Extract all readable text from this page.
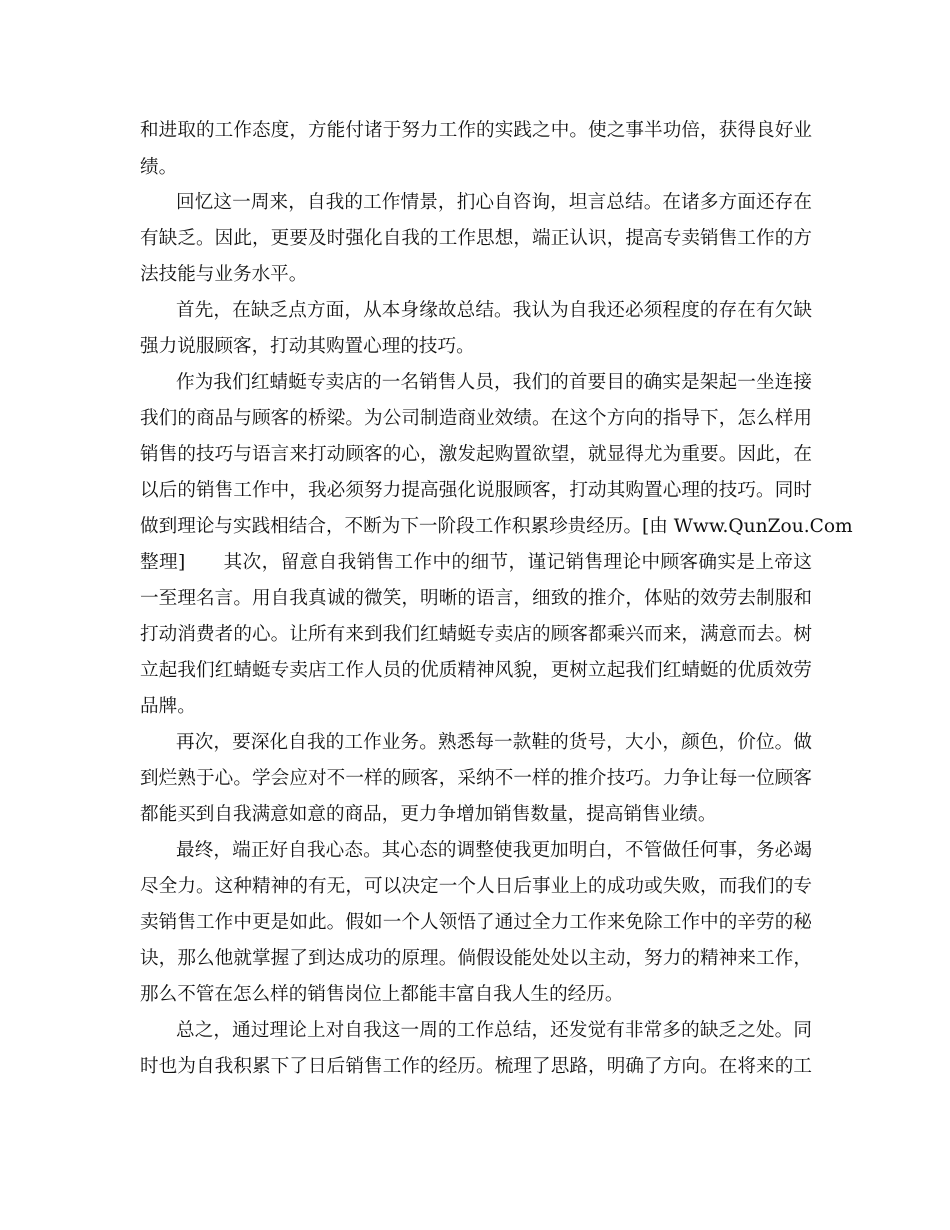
和进取的工作态度，方能付诸于努力工作的实践之中。使之事半功倍，获得良好业
绩。
回忆这一周来，自我的工作情景，扪心自咨询，坦言总结。在诸多方面还存在
有缺乏。因此，更要及时强化自我的工作思想，端正认识，提高专卖销售工作的方
法技能与业务水平。
首先，在缺乏点方面，从本身缘故总结。我认为自我还必须程度的存在有欠缺
强力说服顾客，打动其购置心理的技巧。
作为我们红蜻蜓专卖店的一名销售人员，我们的首要目的确实是架起一坐连接
我们的商品与顾客的桥梁。为公司制造商业效绩。在这个方向的指导下，怎么样用
销售的技巧与语言来打动顾客的心，激发起购置欲望，就显得尤为重要。因此，在
以后的销售工作中，我必须努力提高强化说服顾客，打动其购置心理的技巧。同时
做到理论与实践相结合，不断为下一阶段工作积累珍贵经历。[由 Www.QunZou.Com
整理]　　其次，留意自我销售工作中的细节，谨记销售理论中顾客确实是上帝这
一至理名言。用自我真诚的微笑，明晰的语言，细致的推介，体贴的效劳去制服和
打动消费者的心。让所有来到我们红蜻蜓专卖店的顾客都乘兴而来，满意而去。树
立起我们红蜻蜓专卖店工作人员的优质精神风貌，更树立起我们红蜻蜓的优质效劳
品牌。
再次，要深化自我的工作业务。熟悉每一款鞋的货号，大小，颜色，价位。做
到烂熟于心。学会应对不一样的顾客，采纳不一样的推介技巧。力争让每一位顾客
都能买到自我满意如意的商品，更力争增加销售数量，提高销售业绩。
最终，端正好自我心态。其心态的调整使我更加明白，不管做任何事，务必竭
尽全力。这种精神的有无，可以决定一个人日后事业上的成功或失败，而我们的专
卖销售工作中更是如此。假如一个人领悟了通过全力工作来免除工作中的辛劳的秘
诀，那么他就掌握了到达成功的原理。倘假设能处处以主动，努力的精神来工作，
那么不管在怎么样的销售岗位上都能丰富自我人生的经历。
总之，通过理论上对自我这一周的工作总结，还发觉有非常多的缺乏之处。同
时也为自我积累下了日后销售工作的经历。梳理了思路，明确了方向。在将来的工
